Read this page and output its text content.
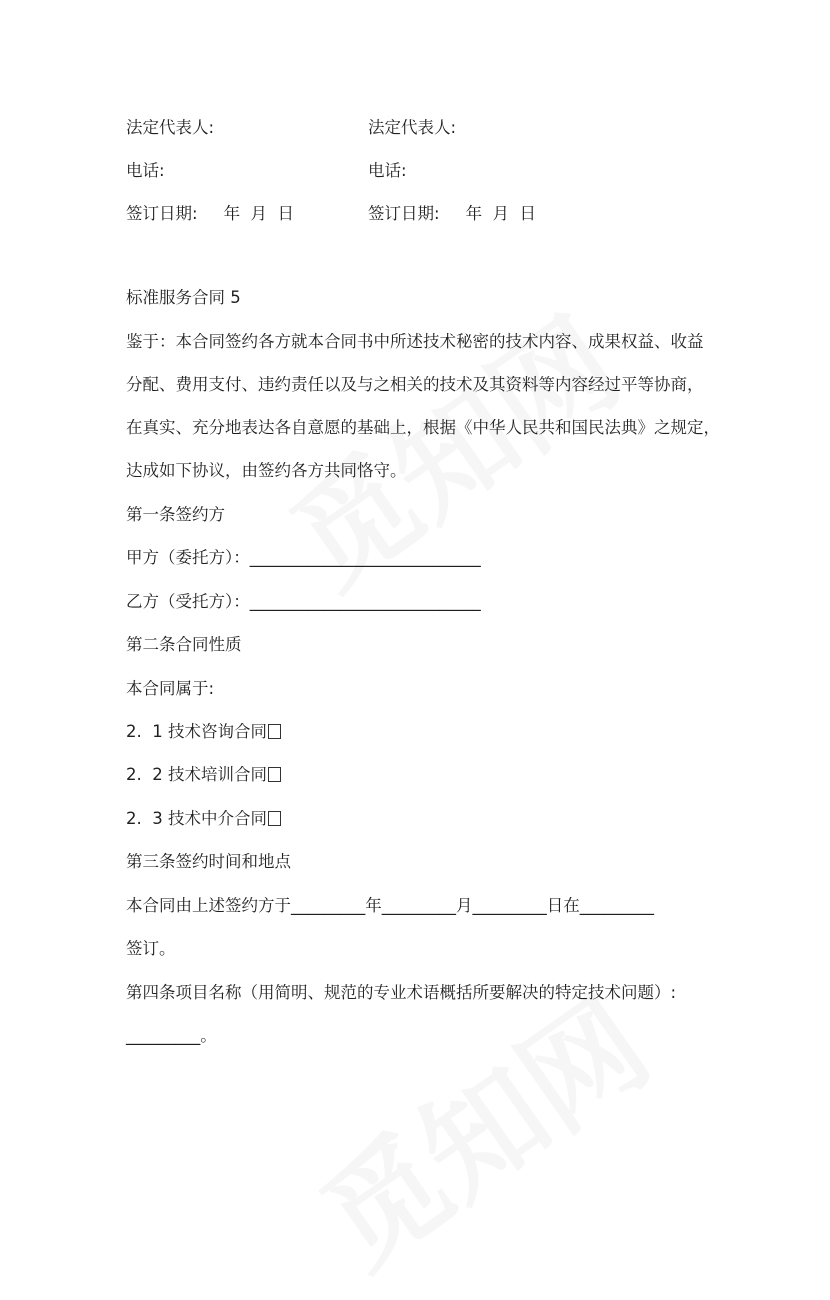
法定代表人:	法定代表人:
电话:	电话:
签订日期: 年  月  日	签订日期: 年  月  日
标准服务合同 5
鉴于：本合同签约各方就本合同书中所述技术秘密的技术内容、成果权益、收益
分配、费用支付、违约责任以及与之相关的技术及其资料等内容经过平等协商，
在真实、充分地表达各自意愿的基础上，根据《中华人民共和国民法典》之规定，
达成如下协议，由签约各方共同恪守。
第一条签约方
甲方（委托方）：____________________________
乙方（受托方）：____________________________
第二条合同性质
本合同属于:
2.  1 技术咨询合同
2.  2 技术培训合同
2.  3 技术中介合同
第三条签约时间和地点
本合同由上述签约方于_________年_________月_________日在_________
签订。
第四条项目名称（用简明、规范的专业术语概括所要解决的特定技术问题）:
_________。
